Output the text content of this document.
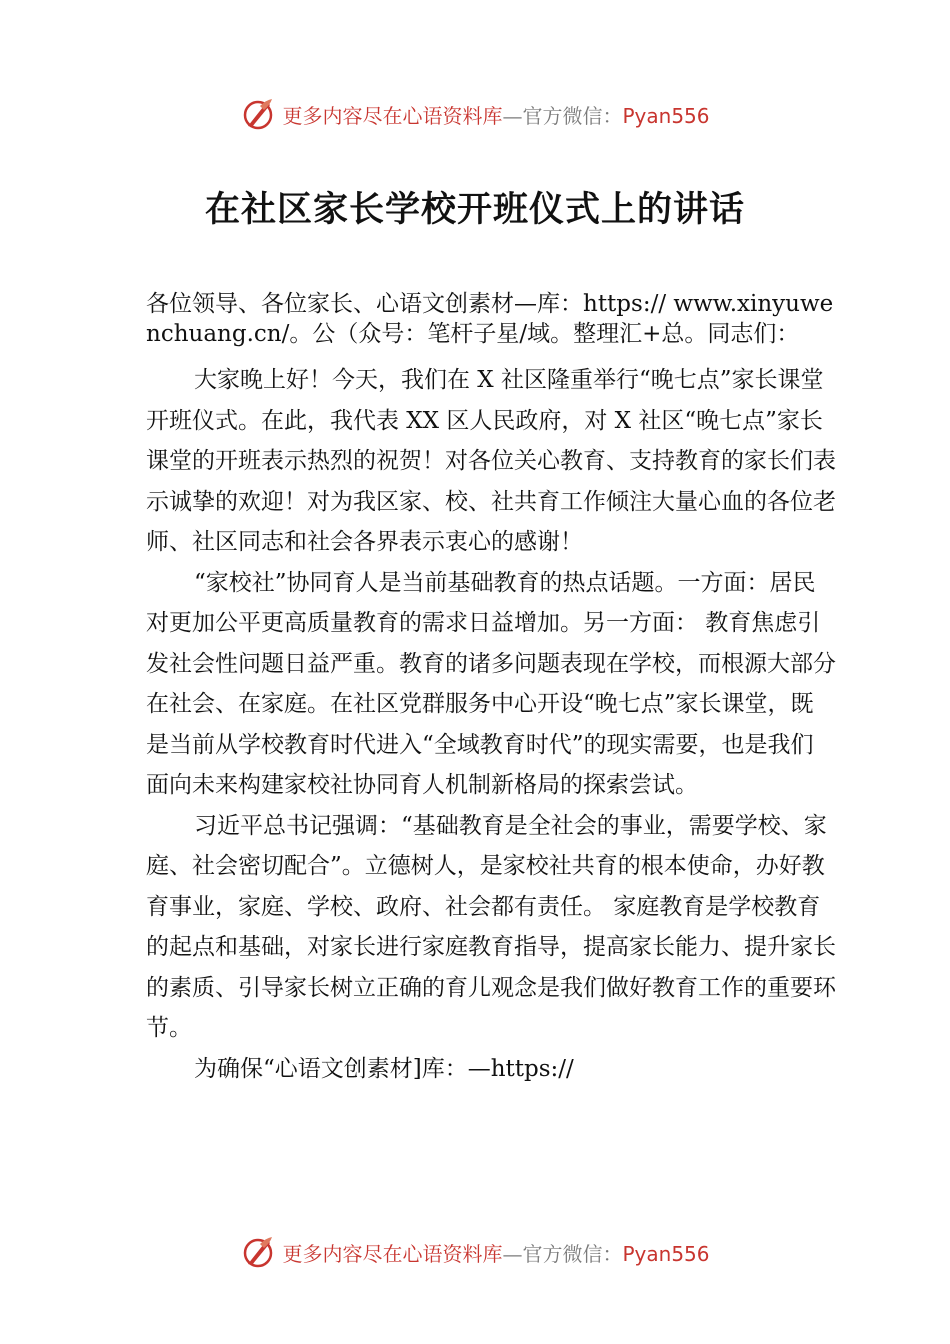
更多内容尽在心语资料库—官方微信：Pyan556
在社区家长学校开班仪式上的讲话
各位领导、各位家长、心语文创素材—库：https:// www.xinyuwenchuang.cn/。公（众号：笔杆子星/域。整理汇+总。同志们：

大家晚上好！今天，我们在 X 社区隆重举行“晚七点”家长课堂开班仪式。在此，我代表 XX 区人民政府，对 X 社区“晚七点”家长课堂的开班表示热烈的祝贺！对各位关心教育、支持教育的家长们表示诚挚的欢迎！对为我区家、校、社共育工作倾注大量心血的各位老师、社区同志和社会各界表示衷心的感谢！

“家校社”协同育人是当前基础教育的热点话题。一方面：居民对更加公平更高质量教育的需求日益增加。另一方面： 教育焦虑引发社会性问题日益严重。教育的诸多问题表现在学校，而根源大部分在社会、在家庭。在社区党群服务中心开设“晚七点”家长课堂，既是当前从学校教育时代进入“全域教育时代”的现实需要，也是我们面向未来构建家校社协同育人机制新格局的探索尝试。

习近平总书记强调：“基础教育是全社会的事业，需要学校、家庭、社会密切配合”。立德树人，是家校社共育的根本使命，办好教育事业，家庭、学校、政府、社会都有责任。 家庭教育是学校教育的起点和基础，对家长进行家庭教育指导，提高家长能力、提升家长的素质、引导家长树立正确的育儿观念是我们做好教育工作的重要环节。

为确保“心语文创素材]库：—https://

更多内容尽在心语资料库—官方微信：Pyan556
